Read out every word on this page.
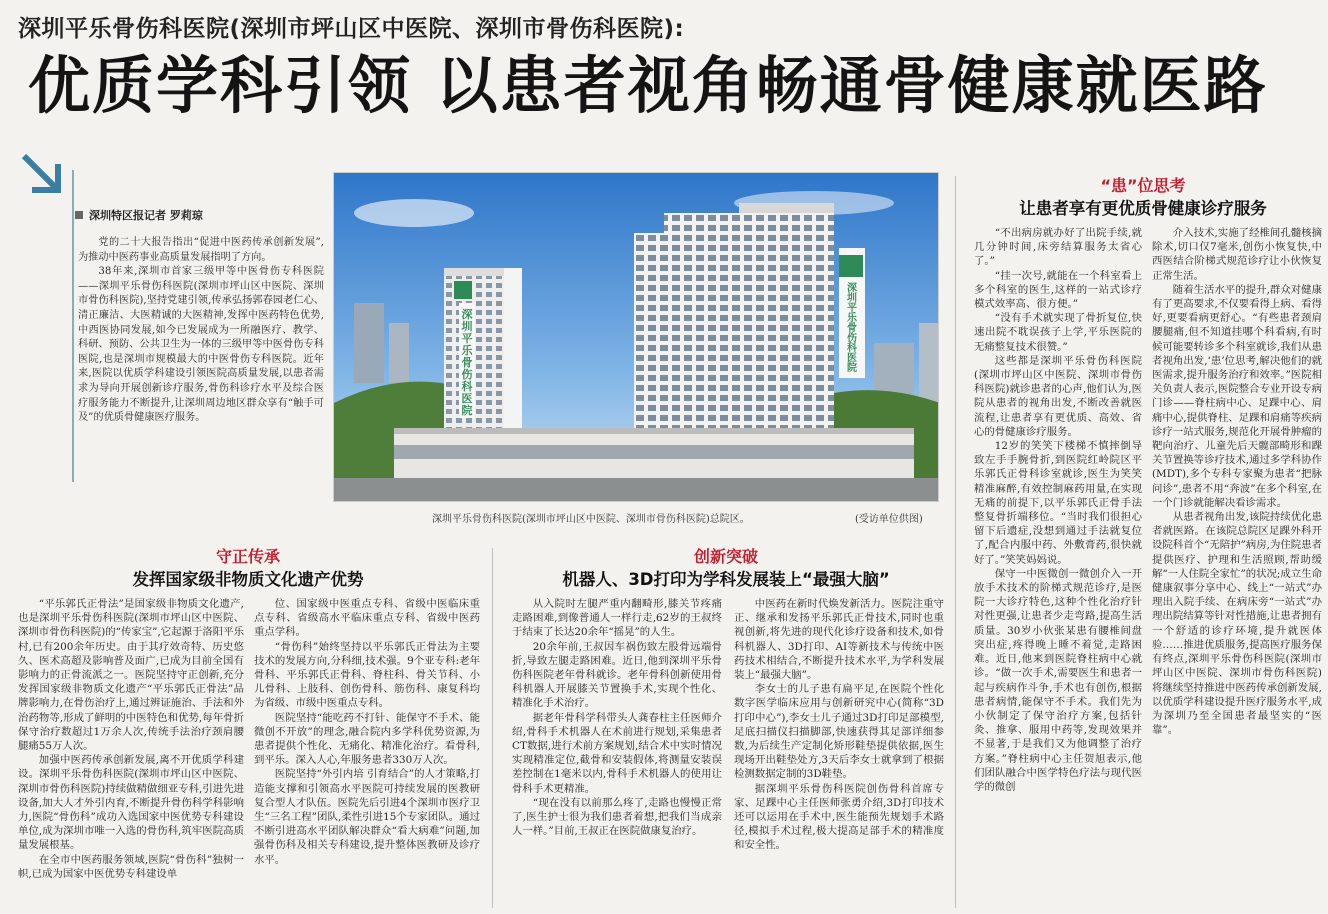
深圳平乐骨伤科医院(深圳市坪山区中医院、深圳市骨伤科医院):
优质学科引领 以患者视角畅通骨健康就医路
深圳特区报记者 罗莉琼

党的二十大报告指出“促进中医药传承创新发展”,为推动中医药事业高质量发展指明了方向。

38年来,深圳市首家三级甲等中医骨伤专科医院——深圳平乐骨伤科医院(深圳市坪山区中医院、深圳市骨伤科医院),坚持党建引领,传承弘扬郭春园老仁心、清正廉洁、大医精诚的大医精神,发挥中医药特色优势,中西医协同发展,如今已发展成为一所融医疗、教学、科研、预防、公共卫生为一体的三级甲等中医骨伤专科医院,也是深圳市规模最大的中医骨伤专科医院。近年来,医院以优质学科建设引领医院高质量发展,以患者需求为导向开展创新诊疗服务,骨伤科诊疗水平及综合医疗服务能力不断提升,让深圳周边地区群众享有“触手可及”的优质骨健康医疗服务。

深圳平乐骨伤科医院
深圳平乐骨伤科医院
深圳平乐骨伤科医院(深圳市坪山区中医院、深圳市骨伤科医院)总院区。	(受访单位供图)
守正传承
发挥国家级非物质文化遗产优势

“平乐郭氏正骨法”是国家级非物质文化遗产,也是深圳平乐骨伤科医院(深圳市坪山区中医院、深圳市骨伤科医院)的“传家宝”,它起源于洛阳平乐村,已有200余年历史。由于其疗效奇特、历史悠久、医术高超及影响普及面广,已成为目前全国有影响力的正骨流派之一。医院坚持守正创新,充分发挥国家级非物质文化遗产“平乐郭氏正骨法”品牌影响力,在骨伤治疗上,通过辨证施治、手法和外治药物等,形成了鲜明的中医特色和优势,每年骨折保守治疗数超过1万余人次,传统手法治疗颈肩腰腿痛55万人次。

加强中医药传承创新发展,离不开优质学科建设。深圳平乐骨伤科医院(深圳市坪山区中医院、深圳市骨伤科医院)持续做精做细亚专科,引进先进设备,加大人才外引内育,不断提升骨伤科学科影响力,医院“骨伤科”成功入选国家中医优势专科建设单位,成为深圳市唯一入选的骨伤科,筑牢医院高质量发展根基。

在全市中医药服务领域,医院“骨伤科”独树一帜,已成为国家中医优势专科建设单

位、国家级中医重点专科、省级中医临床重点专科、省级高水平临床重点专科、省级中医药重点学科。

“骨伤科”始终坚持以平乐郭氏正骨法为主要技术的发展方向,分科细,技术强。9个亚专科:老年骨科、平乐郭氏正骨科、脊柱科、骨关节科、小儿骨科、上肢科、创伤骨科、筋伤科、康复科均为省级、市级中医重点专科。

医院坚持“能吃药不打针、能保守不手术、能微创不开放”的理念,融合院内多学科优势资源,为患者提供个性化、无痛化、精准化治疗。看骨科,到平乐。深入人心,年服务患者330万人次。

医院坚持“外引内培 引育结合”的人才策略,打造能支撑和引领高水平医院可持续发展的医教研复合型人才队伍。医院先后引进4个深圳市医疗卫生“三名工程”团队,柔性引进15个专家团队。通过不断引进高水平团队解决群众“看大病难”问题,加强骨伤科及相关专科建设,提升整体医教研及诊疗水平。

创新突破
机器人、3D打印为学科发展装上“最强大脑”

从入院时左腿严重内翻畸形,膝关节疼痛走路困难,到像普通人一样行走,62岁的王叔终于结束了长达20余年“摇晃”的人生。

20余年前,王叔因车祸伤致左股骨远端骨折,导致左腿走路困难。近日,他到深圳平乐骨伤科医院老年骨科就诊。老年骨科创新使用骨科机器人开展膝关节置换手术,实现个性化、精准化手术治疗。

据老年骨科学科带头人龚春柱主任医师介绍,骨科手术机器人在术前进行规划,采集患者CT数据,进行术前方案规划,结合术中实时情况实现精准定位,截骨和安装假体,将测量安装误差控制在1毫米以内,骨科手术机器人的使用让骨科手术更精准。

“现在没有以前那么疼了,走路也慢慢正常了,医生护士很为我们患者着想,把我们当成亲人一样。”目前,王叔正在医院做康复治疗。

中医药在新时代焕发新活力。医院注重守正、继承和发扬平乐郭氏正骨技术,同时也重视创新,将先进的现代化诊疗设备和技术,如骨科机器人、3D打印、AI等新技术与传统中医药技术相结合,不断提升技术水平,为学科发展装上“最强大脑”。

李女士的儿子患有扁平足,在医院个性化数字医学临床应用与创新研究中心(简称“3D打印中心”),李女士儿子通过3D打印足部模型,足底扫描仪扫描脚部,快速获得其足部详细参数,为后续生产定制化矫形鞋垫提供依据,医生现场开出鞋垫处方,3天后李女士就拿到了根据检测数据定制的3D鞋垫。

据深圳平乐骨伤科医院创伤骨科首席专家、足踝中心主任医师张勇介绍,3D打印技术还可以运用在手术中,医生能预先规划手术路径,模拟手术过程,极大提高足部手术的精准度和安全性。

“患”位思考
让患者享有更优质骨健康诊疗服务

“不出病房就办好了出院手续,就几分钟时间,床旁结算服务太省心了。”

“挂一次号,就能在一个科室看上多个科室的医生,这样的一站式诊疗模式效率高、很方便。”

“没有手术就实现了骨折复位,快速出院不耽误孩子上学,平乐医院的无痛整复技术很赞。”

这些都是深圳平乐骨伤科医院(深圳市坪山区中医院、深圳市骨伤科医院)就诊患者的心声,他们认为,医院从患者的视角出发,不断改善就医流程,让患者享有更优质、高效、省心的骨健康诊疗服务。

12岁的笑笑下楼梯不慎摔倒导致左手手腕骨折,到医院红岭院区平乐郭氏正骨科诊室就诊,医生为笑笑精准麻醉,有效控制麻药用量,在实现无痛的前提下,以平乐郭氏正骨手法整复骨折端移位。“当时我们很担心留下后遗症,没想到通过手法就复位了,配合内服中药、外敷膏药,很快就好了。”笑笑妈妈说。

保守一中医微创一微创介入一开放手术技术的阶梯式规范诊疗,是医院一大诊疗特色,这种个性化治疗针对性更强,让患者少走弯路,提高生活质量。30岁小伙张某患有腰椎间盘突出症,疼得晚上睡不着觉,走路困难。近日,他来到医院脊柱病中心就诊。“做一次手术,需要医生和患者一起与疾病作斗争,手术也有创伤,根据患者病情,能保守不手术。我们先为小伙制定了保守治疗方案,包括针灸、推拿、服用中药等,发现效果并不显著,于是我们又为他调整了治疗方案。”脊柱病中心主任贺旭表示,他们团队融合中医学特色疗法与现代医学的微创

介入技术,实施了经椎间孔髓核摘除术,切口仅7毫米,创伤小恢复快,中西医结合阶梯式规范诊疗让小伙恢复正常生活。

随着生活水平的提升,群众对健康有了更高要求,不仅要看得上病、看得好,更要看病更舒心。“有些患者颈肩腰腿痛,但不知道挂哪个科看病,有时候可能要转诊多个科室就诊,我们从患者视角出发,‘患’位思考,解决他们的就医需求,提升服务治疗和效率。”医院相关负责人表示,医院整合专业开设专病门诊——脊柱病中心、足踝中心、肩痛中心,提供脊柱、足踝和肩痛等疾病诊疗一站式服务,规范化开展骨肿瘤的靶向治疗、儿童先后天髋部畸形和踝关节置换等诊疗技术,通过多学科协作(MDT),多个专科专家聚为患者“把脉问诊”,患者不用“奔波”在多个科室,在一个门诊就能解决看诊需求。

从患者视角出发,该院持续优化患者就医路。在该院总院区足踝外科开设院科首个“无陪护”病房,为住院患者提供医疗、护理和生活照顾,帮助缓解“一人住院全家忙”的状况;成立生命健康叙事分享中心、线上“一站式”办理出入院手续、在病床旁“一站式”办理出院结算等针对性措施,让患者拥有一个舒适的诊疗环境,提升就医体验……推进优质服务,提高医疗服务保有终点,深圳平乐骨伤科医院(深圳市坪山区中医院、深圳市骨伤科医院)将继续坚持推进中医药传承创新发展,以优质学科建设提升医疗服务水平,成为深圳乃至全国患者最坚实的“医靠”。
